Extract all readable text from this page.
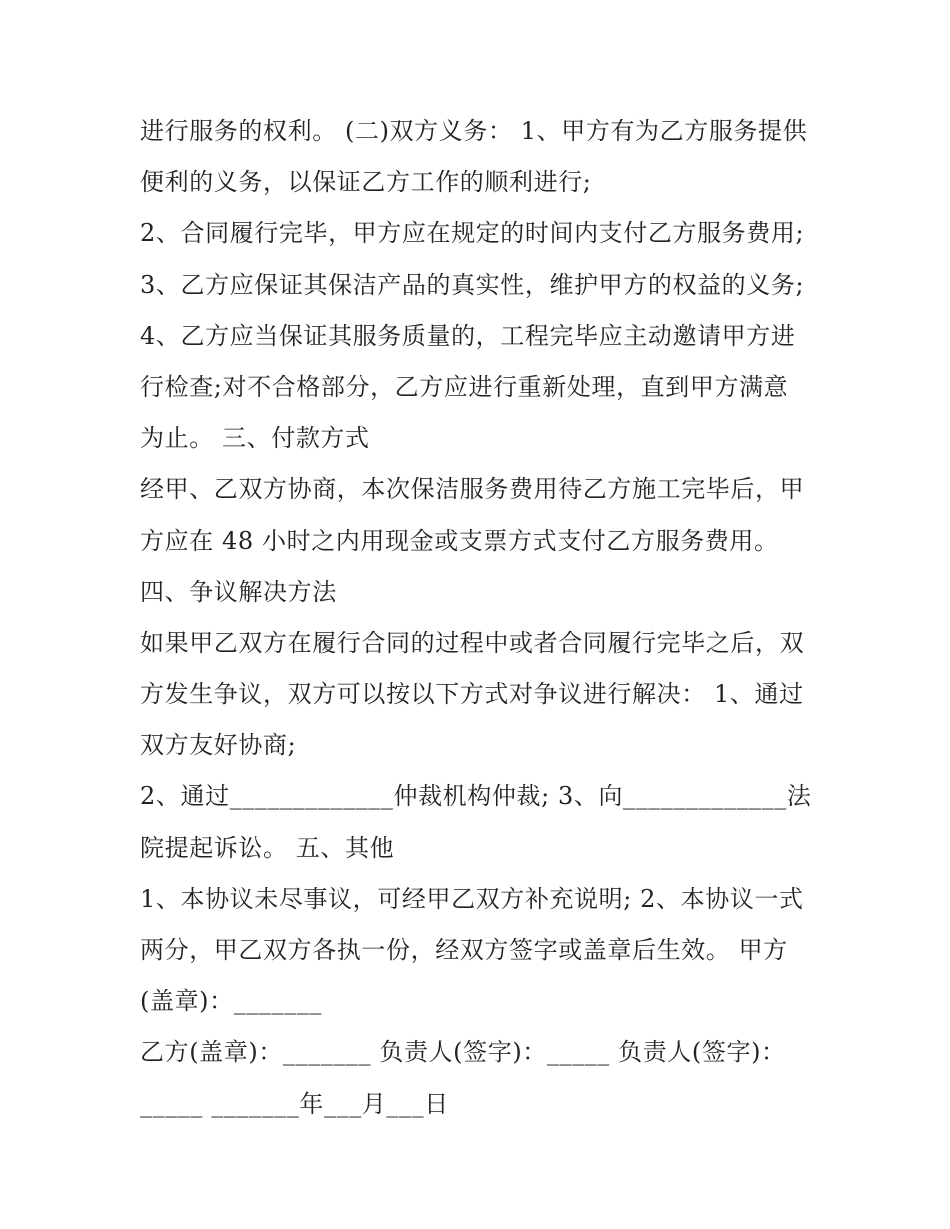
进行服务的权利。 (二)双方义务： 1、甲方有为乙方服务提供
便利的义务，以保证乙方工作的顺利进行;
2、合同履行完毕，甲方应在规定的时间内支付乙方服务费用;
3、乙方应保证其保洁产品的真实性，维护甲方的权益的义务;
4、乙方应当保证其服务质量的，工程完毕应主动邀请甲方进
行检查;对不合格部分，乙方应进行重新处理，直到甲方满意
为止。 三、付款方式
经甲、乙双方协商，本次保洁服务费用待乙方施工完毕后，甲
方应在 48 小时之内用现金或支票方式支付乙方服务费用。
四、争议解决方法
如果甲乙双方在履行合同的过程中或者合同履行完毕之后，双
方发生争议，双方可以按以下方式对争议进行解决： 1、通过
双方友好协商;
2、通过_____________仲裁机构仲裁; 3、向_____________法
院提起诉讼。 五、其他
1、本协议未尽事议，可经甲乙双方补充说明; 2、本协议一式
两分，甲乙双方各执一份，经双方签字或盖章后生效。 甲方
(盖章)：_______
乙方(盖章)：_______ 负责人(签字)：_____ 负责人(签字)：
_____ _______年___月___日
